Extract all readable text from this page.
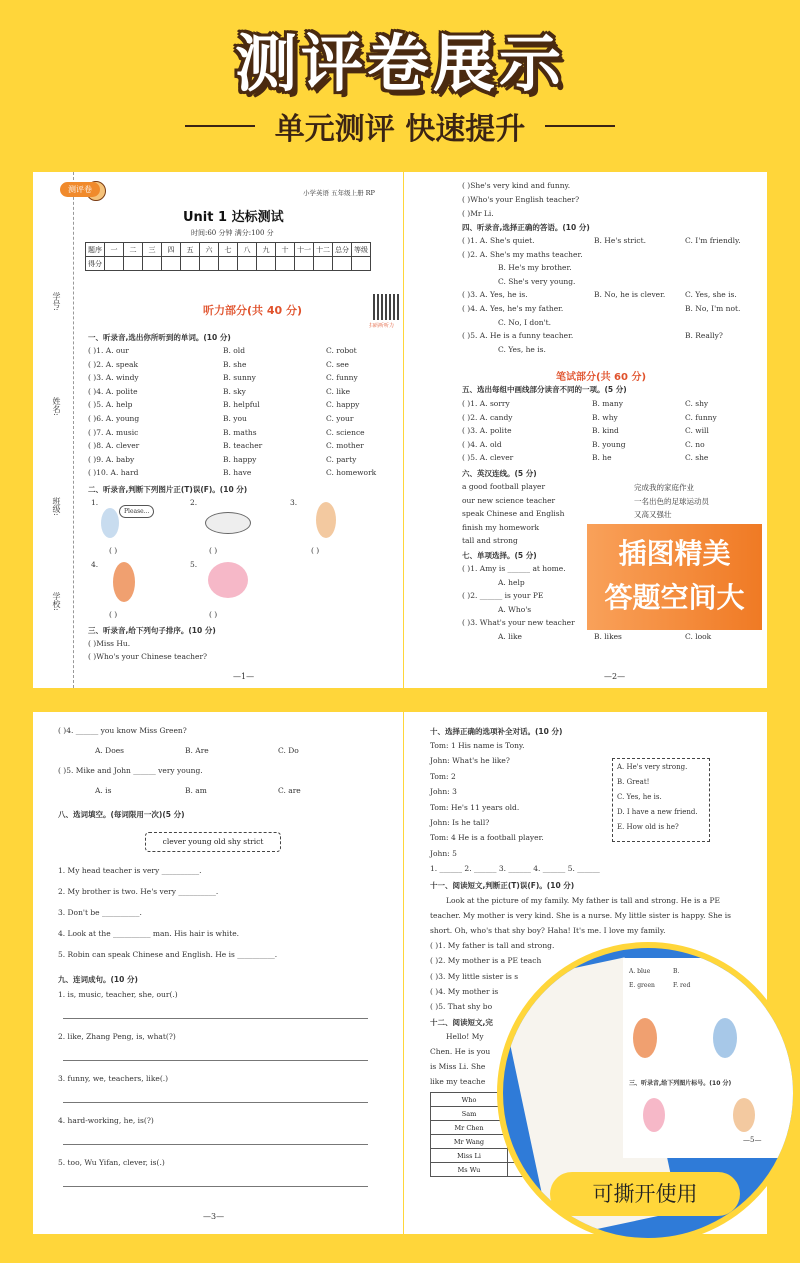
测评卷展示
单元测评 快速提升
学号:
姓名:
班级:
学校:
小学英语 五年级上册 RP
Unit 1 达标测试
时间:60 分钟 满分:100 分
题序	一	二	三	四	五	六	七	八	九	十	十一	十二	总分	等级
得分														
扫码听听力
听力部分(共 40 分)
一、听录音,选出你所听到的单词。(10 分)
( )1. A. our	B. old	C. robot
( )2. A. speak	B. she	C. see
( )3. A. windy	B. sunny	C. funny
( )4. A. polite	B. sky	C. like
( )5. A. help	B. helpful	C. happy
( )6. A. young	B. you	C. your
( )7. A. music	B. maths	C. science
( )8. A. clever	B. teacher	C. mother
( )9. A. baby	B. happy	C. party
( )10. A. hard	B. have	C. homework
二、听录音,判断下列图片正(T)误(F)。(10 分)
1.	2.	3.
4.	5.
Please...
( )	( )	( )
( )	( )
三、听录音,给下列句子排序。(10 分)
( )Miss Hu.
( )Who's your Chinese teacher?
—1—
测评卷	( )She's very kind and funny.
( )Who's your English teacher?
( )Mr Li.
四、听录音,选择正确的答语。(10 分)
( )1. A. She's quiet.	B. He's strict.	C. I'm friendly.
( )2. A. She's my maths teacher.
B. He's my brother.
C. She's very young.
( )3. A. Yes, he is.	B. No, he is clever.	C. Yes, she is.
( )4. A. Yes, he's my father.	B. No, I'm not.
C. No, I don't.
( )5. A. He is a funny teacher.	B. Really?
C. Yes, he is.
笔试部分(共 60 分)
五、选出每组中画线部分读音不同的一项。(5 分)
( )1. A. sorry	B. many	C. shy
( )2. A. candy	B. why	C. funny
( )3. A. polite	B. kind	C. will
( )4. A. old	B. young	C. no
( )5. A. clever	B. he	C. she
六、英汉连线。(5 分)
a good football player
our new science teacher
speak Chinese and English
finish my homework
tall and strong
完成我的家庭作业
一名出色的足球运动员
又高又强壮
七、单项选择。(5 分)
( )1. Amy is ______ at home.
A. help
( )2. ______ is your PE
A. Who's
( )3. What's your new teacher
A. like	B. likes	C. look
—2—
插图精美
答题空间大
( )4. ______ you know Miss Green?
A. Does	B. Are	C. Do
( )5. Mike and John ______ very young.
A. is	B. am	C. are
八、选词填空。(每词限用一次)(5 分)
1. My head teacher is very __________.
2. My brother is two. He's very __________.
3. Don't be __________.
4. Look at the __________ man. His hair is white.
5. Robin can speak Chinese and English. He is __________.
九、连词成句。(10 分)
1. is, music, teacher, she, our(.)
2. like, Zhang Peng, is, what(?)
3. funny, we, teachers, like(.)
4. hard-working, he, is(?)
5. too, Wu Yifan, clever, is(.)
—3—
clever young old shy strict
十、选择正确的选项补全对话。(10 分)
Tom: 1 His name is Tony.
John: What's he like?
Tom: 2
John: 3
Tom: He's 11 years old.
John: Is he tall?
Tom: 4 He is a football player.
John: 5
1. ______ 2. ______ 3. ______ 4. ______ 5. ______
十一、阅读短文,判断正(T)误(F)。(10 分)
Look at the picture of my family. My father is tall and strong. He is a PE
teacher. My mother is very kind. She is a nurse. My little sister is happy. She is
short. Oh, who's that shy boy? Haha! It's me. I love my family.
( )1. My father is tall and strong.
( )2. My mother is a PE teach
( )3. My little sister is s
( )4. My mother is
( )5. That shy bo
十二、阅读短文,完
Hello! My
Chen. He is you
is Miss Li. She
like my teache
Who	
Sam	
Mr Chen	
Mr Wang	
Miss Li	
Ms Wu	
A. He's very strong.
B. Great!
C. Yes, he is.
D. I have a new friend.
E. How old is he?
A. blue	B.
E. green	F. red
三、听录音,给下列图片标号。(10 分)
—5—
可撕开使用
